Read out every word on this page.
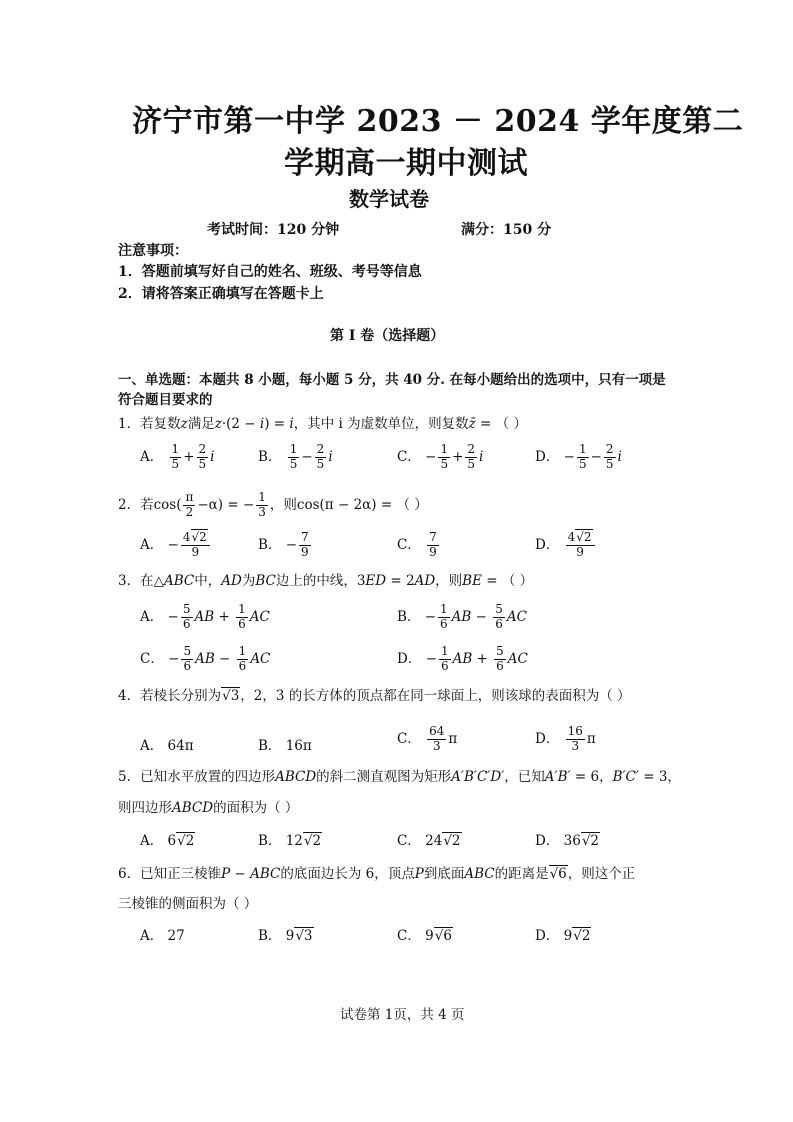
济宁市第一中学 2023 － 2024 学年度第二
学期高一期中测试
数学试卷
考试时间：120 分钟	满分：150 分
注意事项：
1．答题前填写好自己的姓名、班级、考号等信息
2．请将答案正确填写在答题卡上
第 I 卷（选择题）
一、单选题：本题共 8 小题，每小题 5 分，共 40 分. 在每小题给出的选项中，只有一项是
符合题目要求的
1．若复数z满足z·(2 − i) = i，其中 i 为虚数单位，则复数z̄ = （ ）
A． $\frac{1}{5} + \frac{2}{5}$ i	B． $\frac{1}{5} - \frac{2}{5}$ i	C． − $\frac{1}{5} + \frac{2}{5}$ i	D． − $\frac{1}{5} - \frac{2}{5}$ i
2．若$\cos( \frac{\pi}{2} -\alpha)$ = − $\frac{1}{3}$ ，则cos(π − 2α) = （ ）
A． − $\frac{4√2}{9}$	B． − $\frac{7}{9}$	C． $\frac{7}{9}$	D． $\frac{4√2}{9}$
3．在△ABC中，AD为BC边上的中线，3ED = 2AD，则BE = （ ）
A． − $\frac{5}{6}$ AB + $\frac{1}{6}$ AC	B． − $\frac{1}{6}$ AB − $\frac{5}{6}$ AC
C． − $\frac{5}{6}$ AB − $\frac{1}{6}$ AC	D． − $\frac{1}{6}$ AB + $\frac{5}{6}$ AC
4．若棱长分别为√3，2，3 的长方体的顶点都在同一球面上，则该球的表面积为（ ）
A． 64π	B． 16π	C． $\frac{64}{3}$ π	D． $\frac{16}{3}$ π
5．已知水平放置的四边形ABCD的斜二测直观图为矩形A′B′C′D′，已知A′B′ = 6，B′C′ = 3，
则四边形ABCD的面积为（ ）
A． 6√2	B． 12√2	C． 24√2	D． 36√2
6．已知正三棱锥P − ABC的底面边长为 6，顶点P到底面ABC的距离是√6，则这个正
三棱锥的侧面积为（ ）
A． 27	B． 9√3	C． 9√6	D． 9√2
试卷第 1页，共 4 页
